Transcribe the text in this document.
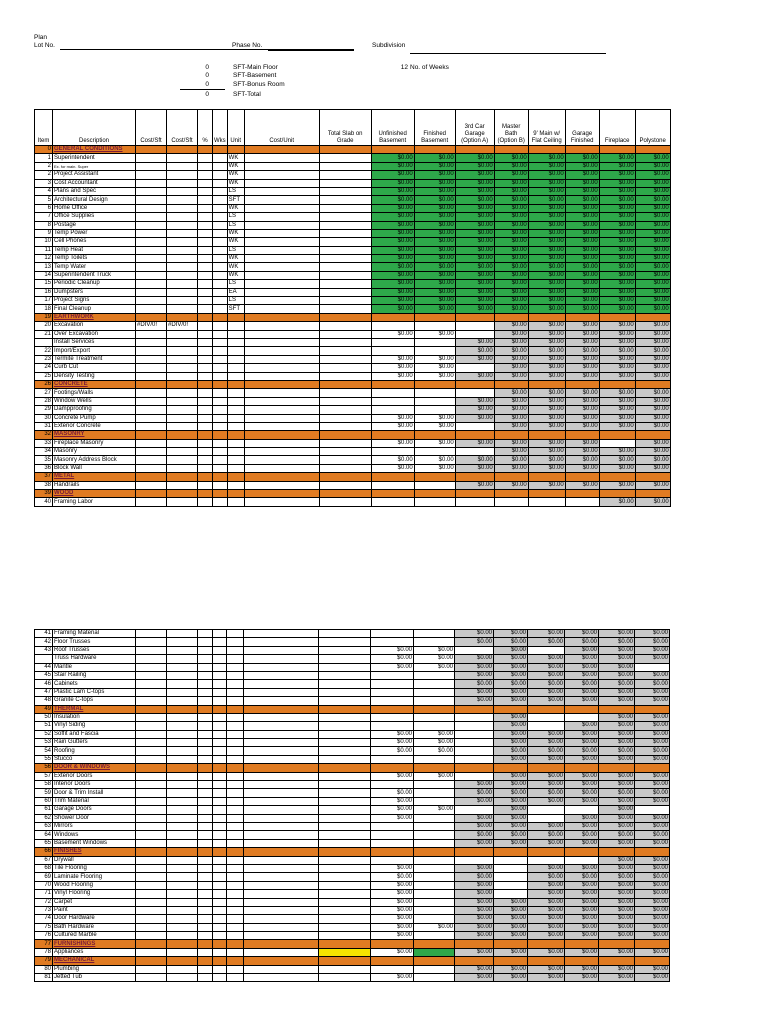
Plan
Lot No.	Phase No.	Subdivision
0	SFT-Main Floor
0	SFT-Basement
0	SFT-Bonus Room
0	SFT-Total
12 No. of Weeks
Item	Description	Cost/Sft	Cost/Sft	%	Wks	Unit	Cost/Unit	Total Slab on Grade	Unfinished Basement	Finished Basement	3rd Car Garage (Option A)	Master Bath (Option B)	9' Main w/ Flat Ceiling	Garage Finished	Fireplace	Polystone
0	GENERAL CONDITIONS															
1	Superintendent					WK			$0.00	$0.00	$0.00	$0.00	$0.00	$0.00	$0.00	$0.00
2	Ex. for main. Super					WK			$0.00	$0.00	$0.00	$0.00	$0.00	$0.00	$0.00	$0.00
2	Project Assistant					WK			$0.00	$0.00	$0.00	$0.00	$0.00	$0.00	$0.00	$0.00
3	Cost Accountant					WK			$0.00	$0.00	$0.00	$0.00	$0.00	$0.00	$0.00	$0.00
4	Plans and Spec					LS			$0.00	$0.00	$0.00	$0.00	$0.00	$0.00	$0.00	$0.00
5	Architectural Design					SFT			$0.00	$0.00	$0.00	$0.00	$0.00	$0.00	$0.00	$0.00
6	Home Office					WK			$0.00	$0.00	$0.00	$0.00	$0.00	$0.00	$0.00	$0.00
7	Office Supplies					LS			$0.00	$0.00	$0.00	$0.00	$0.00	$0.00	$0.00	$0.00
8	Postage					LS			$0.00	$0.00	$0.00	$0.00	$0.00	$0.00	$0.00	$0.00
9	Temp Power					WK			$0.00	$0.00	$0.00	$0.00	$0.00	$0.00	$0.00	$0.00
10	Cell Phones					WK			$0.00	$0.00	$0.00	$0.00	$0.00	$0.00	$0.00	$0.00
11	Temp Heat					LS			$0.00	$0.00	$0.00	$0.00	$0.00	$0.00	$0.00	$0.00
12	Temp Toilets					WK			$0.00	$0.00	$0.00	$0.00	$0.00	$0.00	$0.00	$0.00
13	Temp Water					WK			$0.00	$0.00	$0.00	$0.00	$0.00	$0.00	$0.00	$0.00
14	Superintendent Truck					WK			$0.00	$0.00	$0.00	$0.00	$0.00	$0.00	$0.00	$0.00
15	Periodic Cleanup					LS			$0.00	$0.00	$0.00	$0.00	$0.00	$0.00	$0.00	$0.00
16	Dumpsters					EA			$0.00	$0.00	$0.00	$0.00	$0.00	$0.00	$0.00	$0.00
17	Project Signs					LS			$0.00	$0.00	$0.00	$0.00	$0.00	$0.00	$0.00	$0.00
18	Final Cleanup					SFT			$0.00	$0.00	$0.00	$0.00	$0.00	$0.00	$0.00	$0.00
19	EARTHWORK															
20	Excavation	#DIV/0!	#DIV/0!									$0.00	$0.00	$0.00	$0.00	$0.00
21	Over Excavation								$0.00	$0.00		$0.00	$0.00	$0.00	$0.00	$0.00
	Install Services										$0.00	$0.00	$0.00	$0.00	$0.00	$0.00
22	Import/Export										$0.00	$0.00	$0.00	$0.00	$0.00	$0.00
23	Termite Treatment								$0.00	$0.00	$0.00	$0.00	$0.00	$0.00	$0.00	$0.00
24	Curb Cut								$0.00	$0.00		$0.00	$0.00	$0.00	$0.00	$0.00
25	Density Testing								$0.00	$0.00	$0.00	$0.00	$0.00	$0.00	$0.00	$0.00
26	CONCRETE															
27	Footings/Walls											$0.00	$0.00	$0.00	$0.00	$0.00
28	Window Wells										$0.00	$0.00	$0.00	$0.00	$0.00	$0.00
29	Dampproofing										$0.00	$0.00	$0.00	$0.00	$0.00	$0.00
30	Concrete Pump								$0.00	$0.00	$0.00	$0.00	$0.00	$0.00	$0.00	$0.00
31	Exterior Concrete								$0.00	$0.00		$0.00	$0.00	$0.00	$0.00	$0.00
32	MASONRY															
33	Fireplace Masonry								$0.00	$0.00	$0.00	$0.00	$0.00	$0.00		$0.00
34	Masonry											$0.00	$0.00	$0.00	$0.00	$0.00
35	Masonry Address Block								$0.00	$0.00	$0.00	$0.00	$0.00	$0.00	$0.00	$0.00
36	Block Wall								$0.00	$0.00	$0.00	$0.00	$0.00	$0.00	$0.00	$0.00
37	METAL															
38	Handrails										$0.00	$0.00	$0.00	$0.00	$0.00	$0.00
39	WOOD															
40	Framing Labor														$0.00	$0.00
41	Framing Material										$0.00	$0.00	$0.00	$0.00	$0.00	$0.00
42	Floor Trusses										$0.00	$0.00	$0.00	$0.00	$0.00	$0.00
43	Roof Trusses								$0.00	$0.00		$0.00		$0.00	$0.00	$0.00
	Truss Hardware								$0.00	$0.00	$0.00	$0.00	$0.00	$0.00	$0.00	$0.00
44	Mantle								$0.00	$0.00	$0.00	$0.00	$0.00	$0.00	$0.00	
45	Stair Railing										$0.00	$0.00	$0.00	$0.00	$0.00	$0.00
46	Cabinets										$0.00	$0.00	$0.00	$0.00	$0.00	$0.00
47	Plastic Lam C-tops										$0.00	$0.00	$0.00	$0.00	$0.00	$0.00
48	Granite C-tops										$0.00	$0.00	$0.00	$0.00	$0.00	$0.00
49	THERMAL															
50	Insulation											$0.00			$0.00	$0.00
51	Vinyl Siding											$0.00		$0.00	$0.00	$0.00
52	Soffit and Fascia								$0.00	$0.00		$0.00	$0.00	$0.00	$0.00	$0.00
53	Rain Gutters								$0.00	$0.00		$0.00	$0.00	$0.00	$0.00	$0.00
54	Roofing								$0.00	$0.00		$0.00	$0.00	$0.00	$0.00	$0.00
55	Stucco											$0.00	$0.00	$0.00	$0.00	$0.00
56	DOOR & WINDOWS															
57	Exterior Doors								$0.00	$0.00		$0.00	$0.00	$0.00	$0.00	$0.00
58	Interior Doors										$0.00	$0.00	$0.00	$0.00	$0.00	$0.00
59	Door & Trim Install								$0.00		$0.00	$0.00	$0.00	$0.00	$0.00	$0.00
60	Trim Material								$0.00		$0.00	$0.00	$0.00	$0.00	$0.00	$0.00
61	Garage Doors								$0.00	$0.00		$0.00			$0.00	
62	Shower Door								$0.00		$0.00	$0.00		$0.00	$0.00	$0.00
63	Mirrors										$0.00	$0.00	$0.00	$0.00	$0.00	$0.00
64	Windows										$0.00	$0.00	$0.00	$0.00	$0.00	$0.00
65	Basement Windows										$0.00	$0.00	$0.00	$0.00	$0.00	$0.00
66	FINISHES															
67	Drywall														$0.00	$0.00
68	Tile Flooring								$0.00		$0.00		$0.00	$0.00	$0.00	$0.00
69	Laminate Flooring								$0.00		$0.00		$0.00	$0.00	$0.00	$0.00
70	Wood Flooring								$0.00		$0.00		$0.00	$0.00	$0.00	$0.00
71	Vinyl Flooring								$0.00		$0.00		$0.00	$0.00	$0.00	$0.00
72	Carpet								$0.00		$0.00	$0.00	$0.00	$0.00	$0.00	$0.00
73	Paint								$0.00		$0.00	$0.00	$0.00	$0.00	$0.00	$0.00
74	Door Hardware								$0.00		$0.00	$0.00	$0.00	$0.00	$0.00	$0.00
75	Bath Hardware								$0.00	$0.00	$0.00	$0.00	$0.00	$0.00	$0.00	$0.00
76	Cultured Marble								$0.00		$0.00	$0.00	$0.00	$0.00	$0.00	$0.00
77	FURNISHINGS															
78	Appliances								$0.00		$0.00	$0.00	$0.00	$0.00	$0.00	$0.00
79	MECHANICAL															
80	Plumbing										$0.00	$0.00	$0.00	$0.00	$0.00	$0.00
81	Jetted Tub								$0.00		$0.00	$0.00	$0.00	$0.00	$0.00	$0.00
